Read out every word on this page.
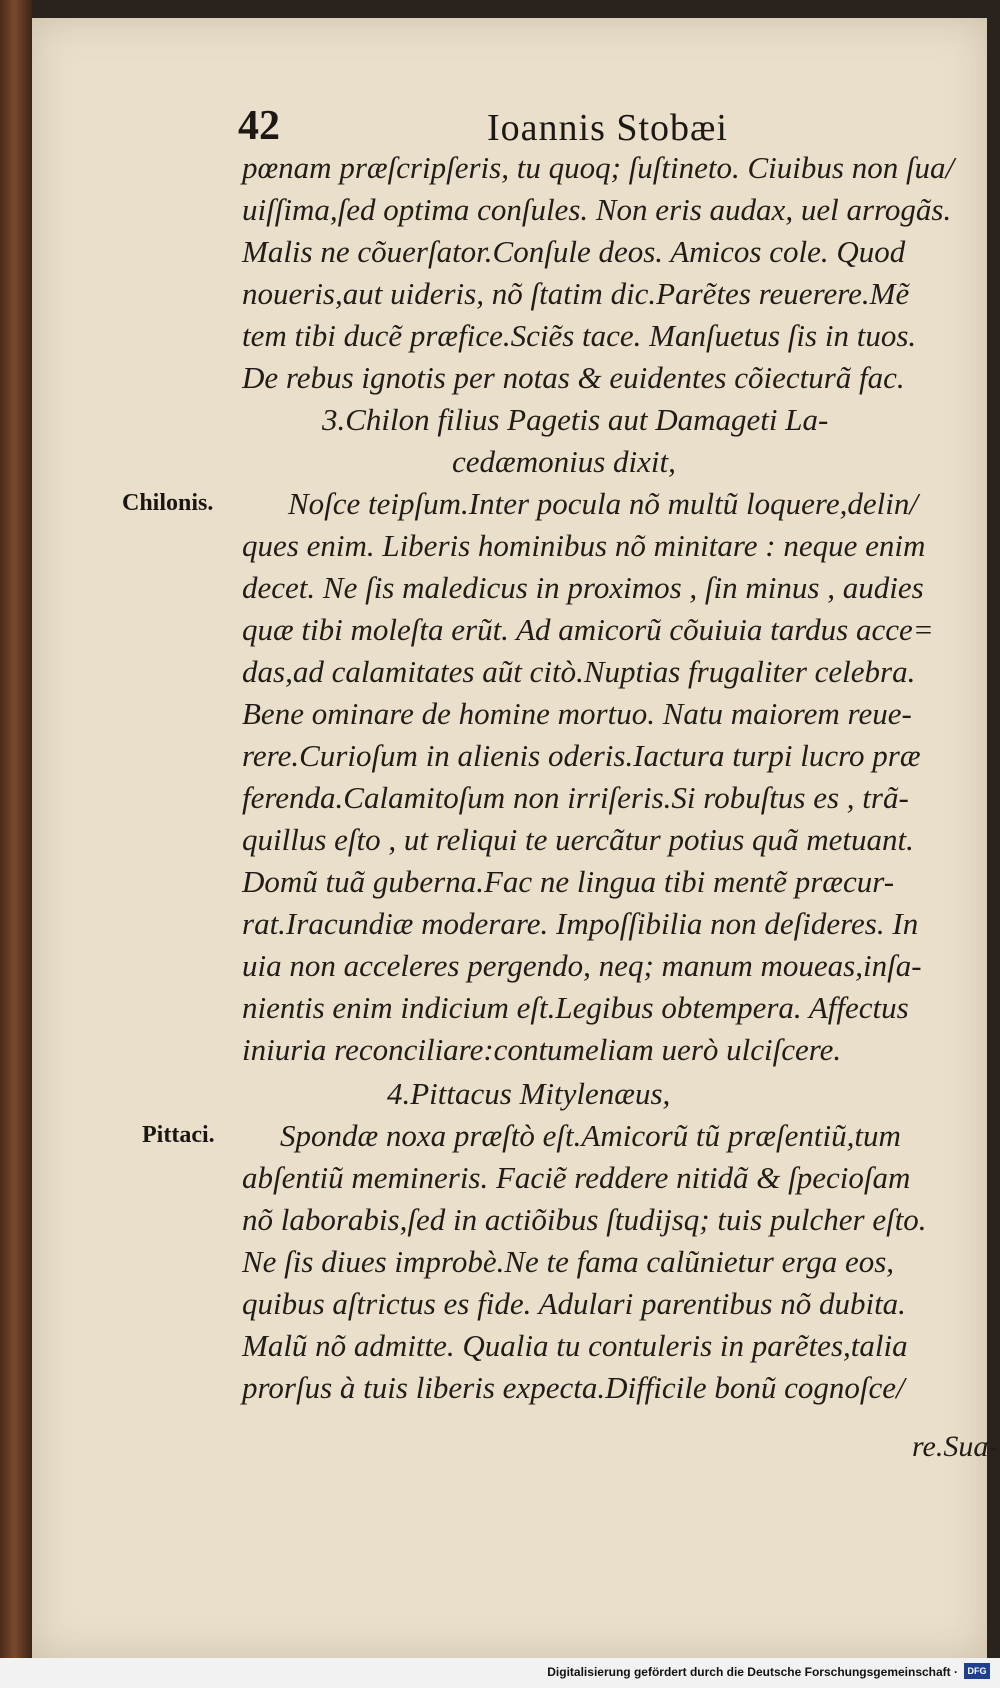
42	Ioannis Stobæi
pœnam præſcripſeris, tu quoq; ſuſtineto. Ciuibus non ſua/
uiſſima,ſed optima conſules. Non eris audax, uel arrogãs.
Malis ne cõuerſator.Conſule deos. Amicos cole. Quod
noueris,aut uideris, nõ ſtatim dic.Parẽtes reuerere.Mẽ
tem tibi ducẽ præfice.Sciẽs tace. Manſuetus ſis in tuos.
De rebus ignotis per notas & euidentes cõiecturã fac.
3.Chilon filius Pagetis aut Damageti La-
cedæmonius dixit,
Chilonis. Noſce teipſum.Inter pocula nõ multũ loquere,delin/
ques enim. Liberis hominibus nõ minitare : neque enim
decet. Ne ſis maledicus in proximos , ſin minus , audies
quæ tibi moleſta erũt. Ad amicorũ cõuiuia tardus acce=
das,ad calamitates aũt citò.Nuptias frugaliter celebra.
Bene ominare de homine mortuo. Natu maiorem reue-
rere.Curioſum in alienis oderis.Iactura turpi lucro præ
ferenda.Calamitoſum non irriſeris.Si robuſtus es , trã-
quillus eſto , ut reliqui te uercãtur potius quã metuant.
Domũ tuã guberna.Fac ne lingua tibi mentẽ præcur-
rat.Iracundiæ moderare. Impoſſibilia non deſideres. In
uia non acceleres pergendo, neq; manum moueas,inſa-
nientis enim indicium eſt.Legibus obtempera. Affectus
iniuria reconciliare:contumeliam uerò ulciſcere.
4.Pittacus Mitylenæus,
Pittaci. Spondæ noxa præſtò eſt.Amicorũ tũ præſentiũ,tum
abſentiũ memineris. Faciẽ reddere nitidã & ſpecioſam
nõ laborabis,ſed in actiõibus ſtudijsq; tuis pulcher eſto.
Ne ſis diues improbè.Ne te fama calũnietur erga eos,
quibus aſtrictus es fide. Adulari parentibus nõ dubita.
Malũ nõ admitte. Qualia tu contuleris in parẽtes,talia
prorſus à tuis liberis expecta.Difficile bonũ cognoſce/
re.Sua-
Digitalisierung gefördert durch die Deutsche Forschungsgemeinschaft ·	DFG
